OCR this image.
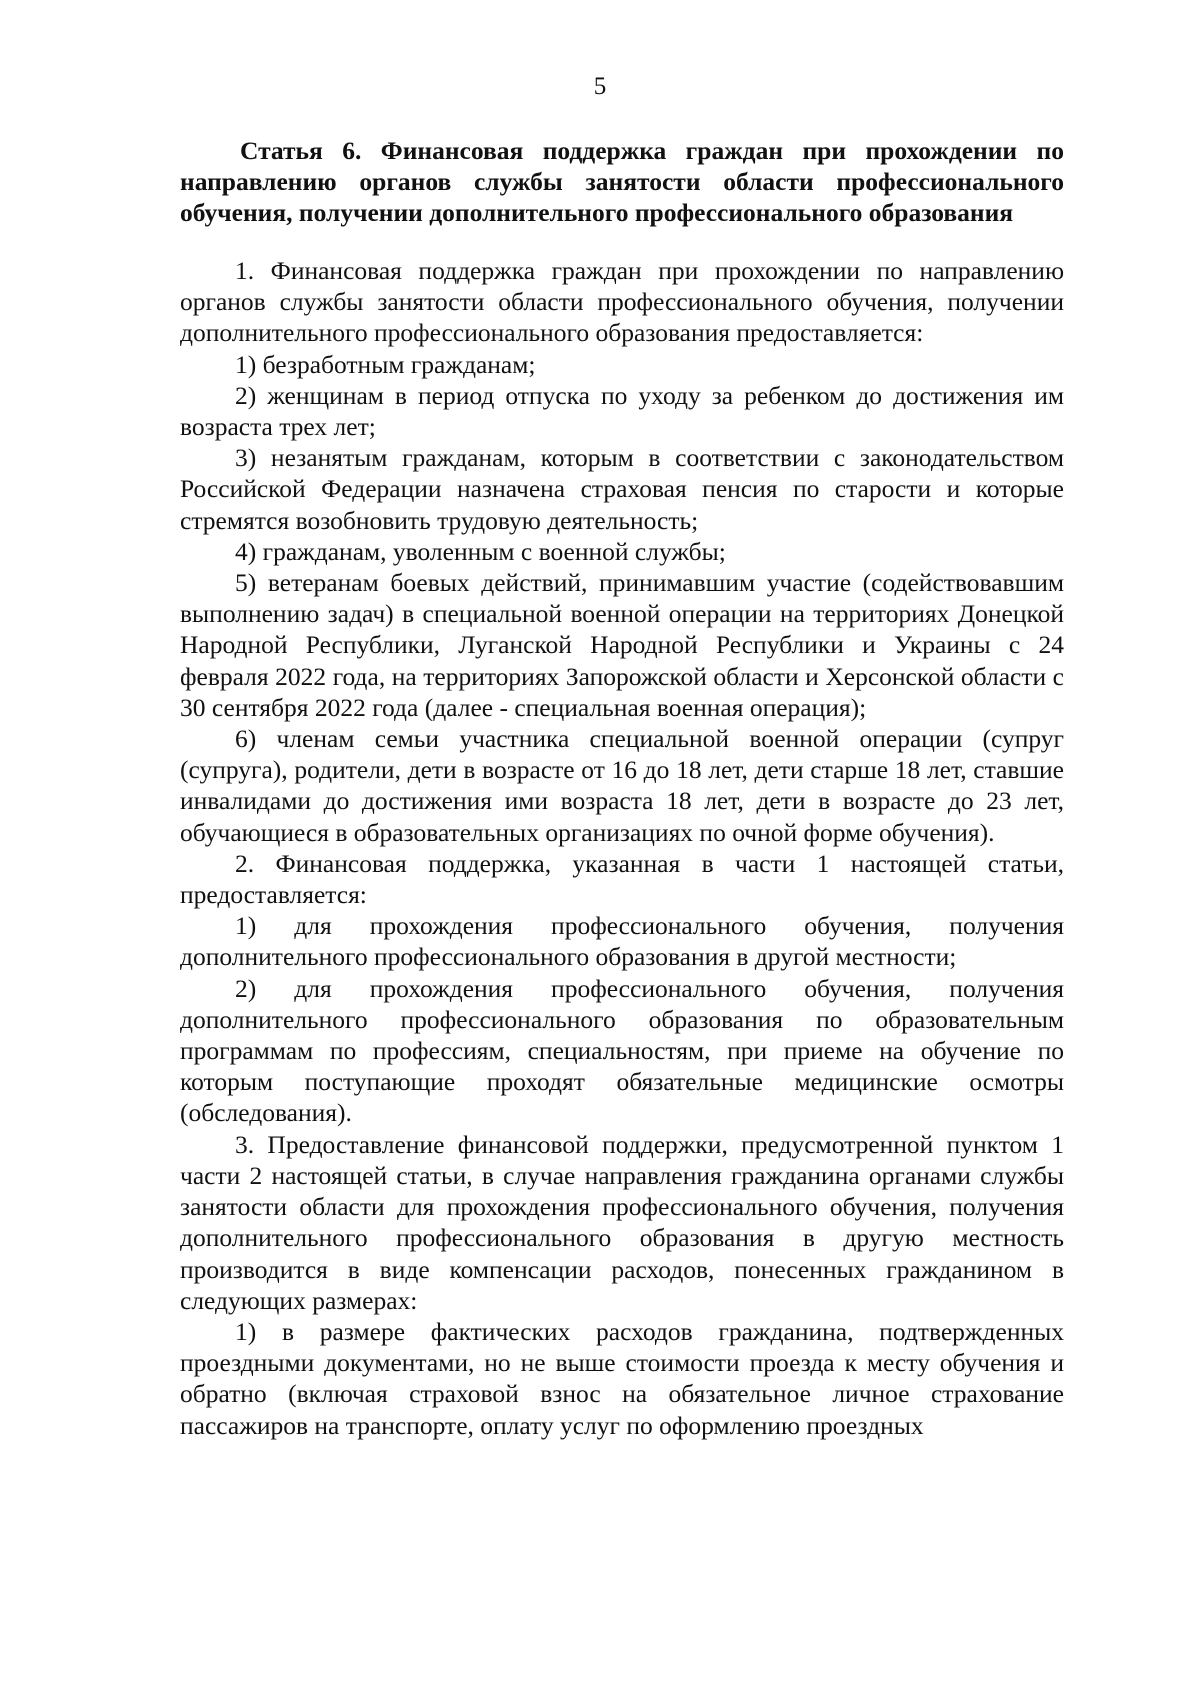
5
Статья 6. Финансовая поддержка граждан при прохождении по направлению органов службы занятости области профессионального обучения, получении дополнительного профессионального образования

1. Финансовая поддержка граждан при прохождении по направлению органов службы занятости области профессионального обучения, получении дополнительного профессионального образования предоставляется:

1) безработным гражданам;

2) женщинам в период отпуска по уходу за ребенком до достижения им возраста трех лет;

3) незанятым гражданам, которым в соответствии с законодательством Российской Федерации назначена страховая пенсия по старости и которые стремятся возобновить трудовую деятельность;

4) гражданам, уволенным с военной службы;

5) ветеранам боевых действий, принимавшим участие (содействовавшим выполнению задач) в специальной военной операции на территориях Донецкой Народной Республики, Луганской Народной Республики и Украины с 24 февраля 2022 года, на территориях Запорожской области и Херсонской области с 30 сентября 2022 года (далее - специальная военная операция);

6) членам семьи участника специальной военной операции (супруг (супруга), родители, дети в возрасте от 16 до 18 лет, дети старше 18 лет, ставшие инвалидами до достижения ими возраста 18 лет, дети в возрасте до 23 лет, обучающиеся в образовательных организациях по очной форме обучения).

2. Финансовая поддержка, указанная в части 1 настоящей статьи, предоставляется:

1) для прохождения профессионального обучения, получения дополнительного профессионального образования в другой местности;

2) для прохождения профессионального обучения, получения дополнительного профессионального образования по образовательным программам по профессиям, специальностям, при приеме на обучение по которым поступающие проходят обязательные медицинские осмотры (обследования).

3. Предоставление финансовой поддержки, предусмотренной пунктом 1 части 2 настоящей статьи, в случае направления гражданина органами службы занятости области для прохождения профессионального обучения, получения дополнительного профессионального образования в другую местность производится в виде компенсации расходов, понесенных гражданином в следующих размерах:

1) в размере фактических расходов гражданина, подтвержденных проездными документами, но не выше стоимости проезда к месту обучения и обратно (включая страховой взнос на обязательное личное страхование пассажиров на транспорте, оплату услуг по оформлению проездных
